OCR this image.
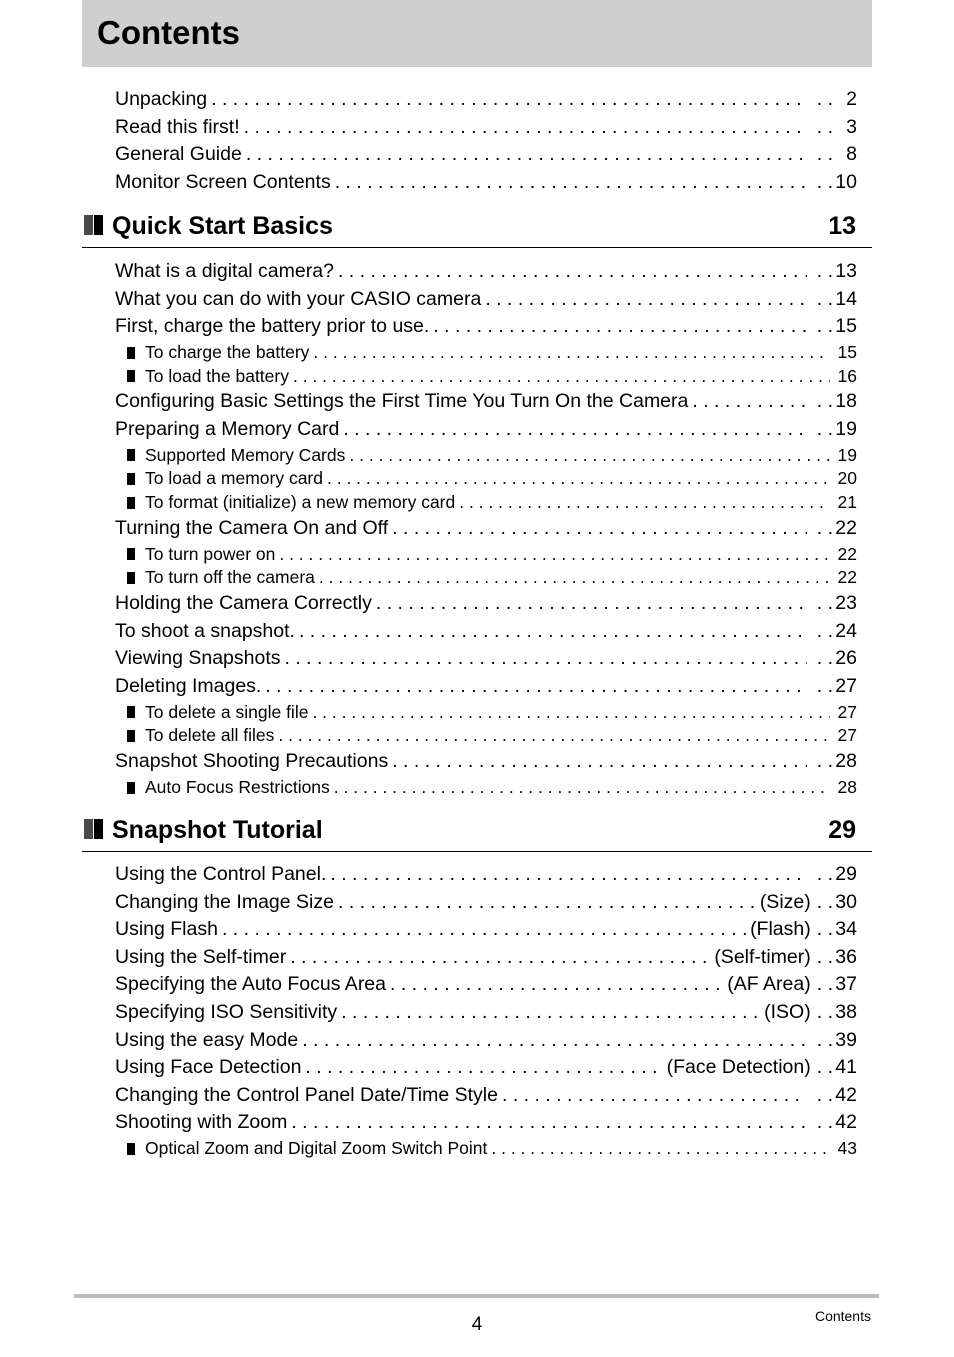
Contents
Unpacking . . .	. . 2
Read this first! . . .	. . 3
General Guide . . .	. . 8
Monitor Screen Contents . . .	. . 10
Quick Start Basics	13
What is a digital camera? . . .	. . 13
What you can do with your CASIO camera . . .	. . 14
First, charge the battery prior to use. . . .	. . 15
To charge the battery . . .	15
To load the battery . . .	16
Configuring Basic Settings the First Time You Turn On the Camera . . .	. . 18
Preparing a Memory Card . . .	. . 19
Supported Memory Cards . . .	19
To load a memory card . . .	20
To format (initialize) a new memory card . . .	21
Turning the Camera On and Off . . .	. . 22
To turn power on . . .	22
To turn off the camera . . .	22
Holding the Camera Correctly . . .	. . 23
To shoot a snapshot. . . .	. . 24
Viewing Snapshots . . .	. . 26
Deleting Images. . . .	. . 27
To delete a single file . . .	27
To delete all files . . .	27
Snapshot Shooting Precautions . . .	. . 28
Auto Focus Restrictions . . .	28
Snapshot Tutorial	29
Using the Control Panel. . . .	. . 29
Changing the Image Size . . .	(Size) . . 30
Using Flash . . .	(Flash) . . 34
Using the Self-timer . . .	(Self-timer) . . 36
Specifying the Auto Focus Area . . .	(AF Area) . . 37
Specifying ISO Sensitivity . . .	(ISO) . . 38
Using the easy Mode . . .	. . 39
Using Face Detection . . .	(Face Detection) . . 41
Changing the Control Panel Date/Time Style . . .	. . 42
Shooting with Zoom . . .	. . 42
Optical Zoom and Digital Zoom Switch Point . . .	43
4	Contents
